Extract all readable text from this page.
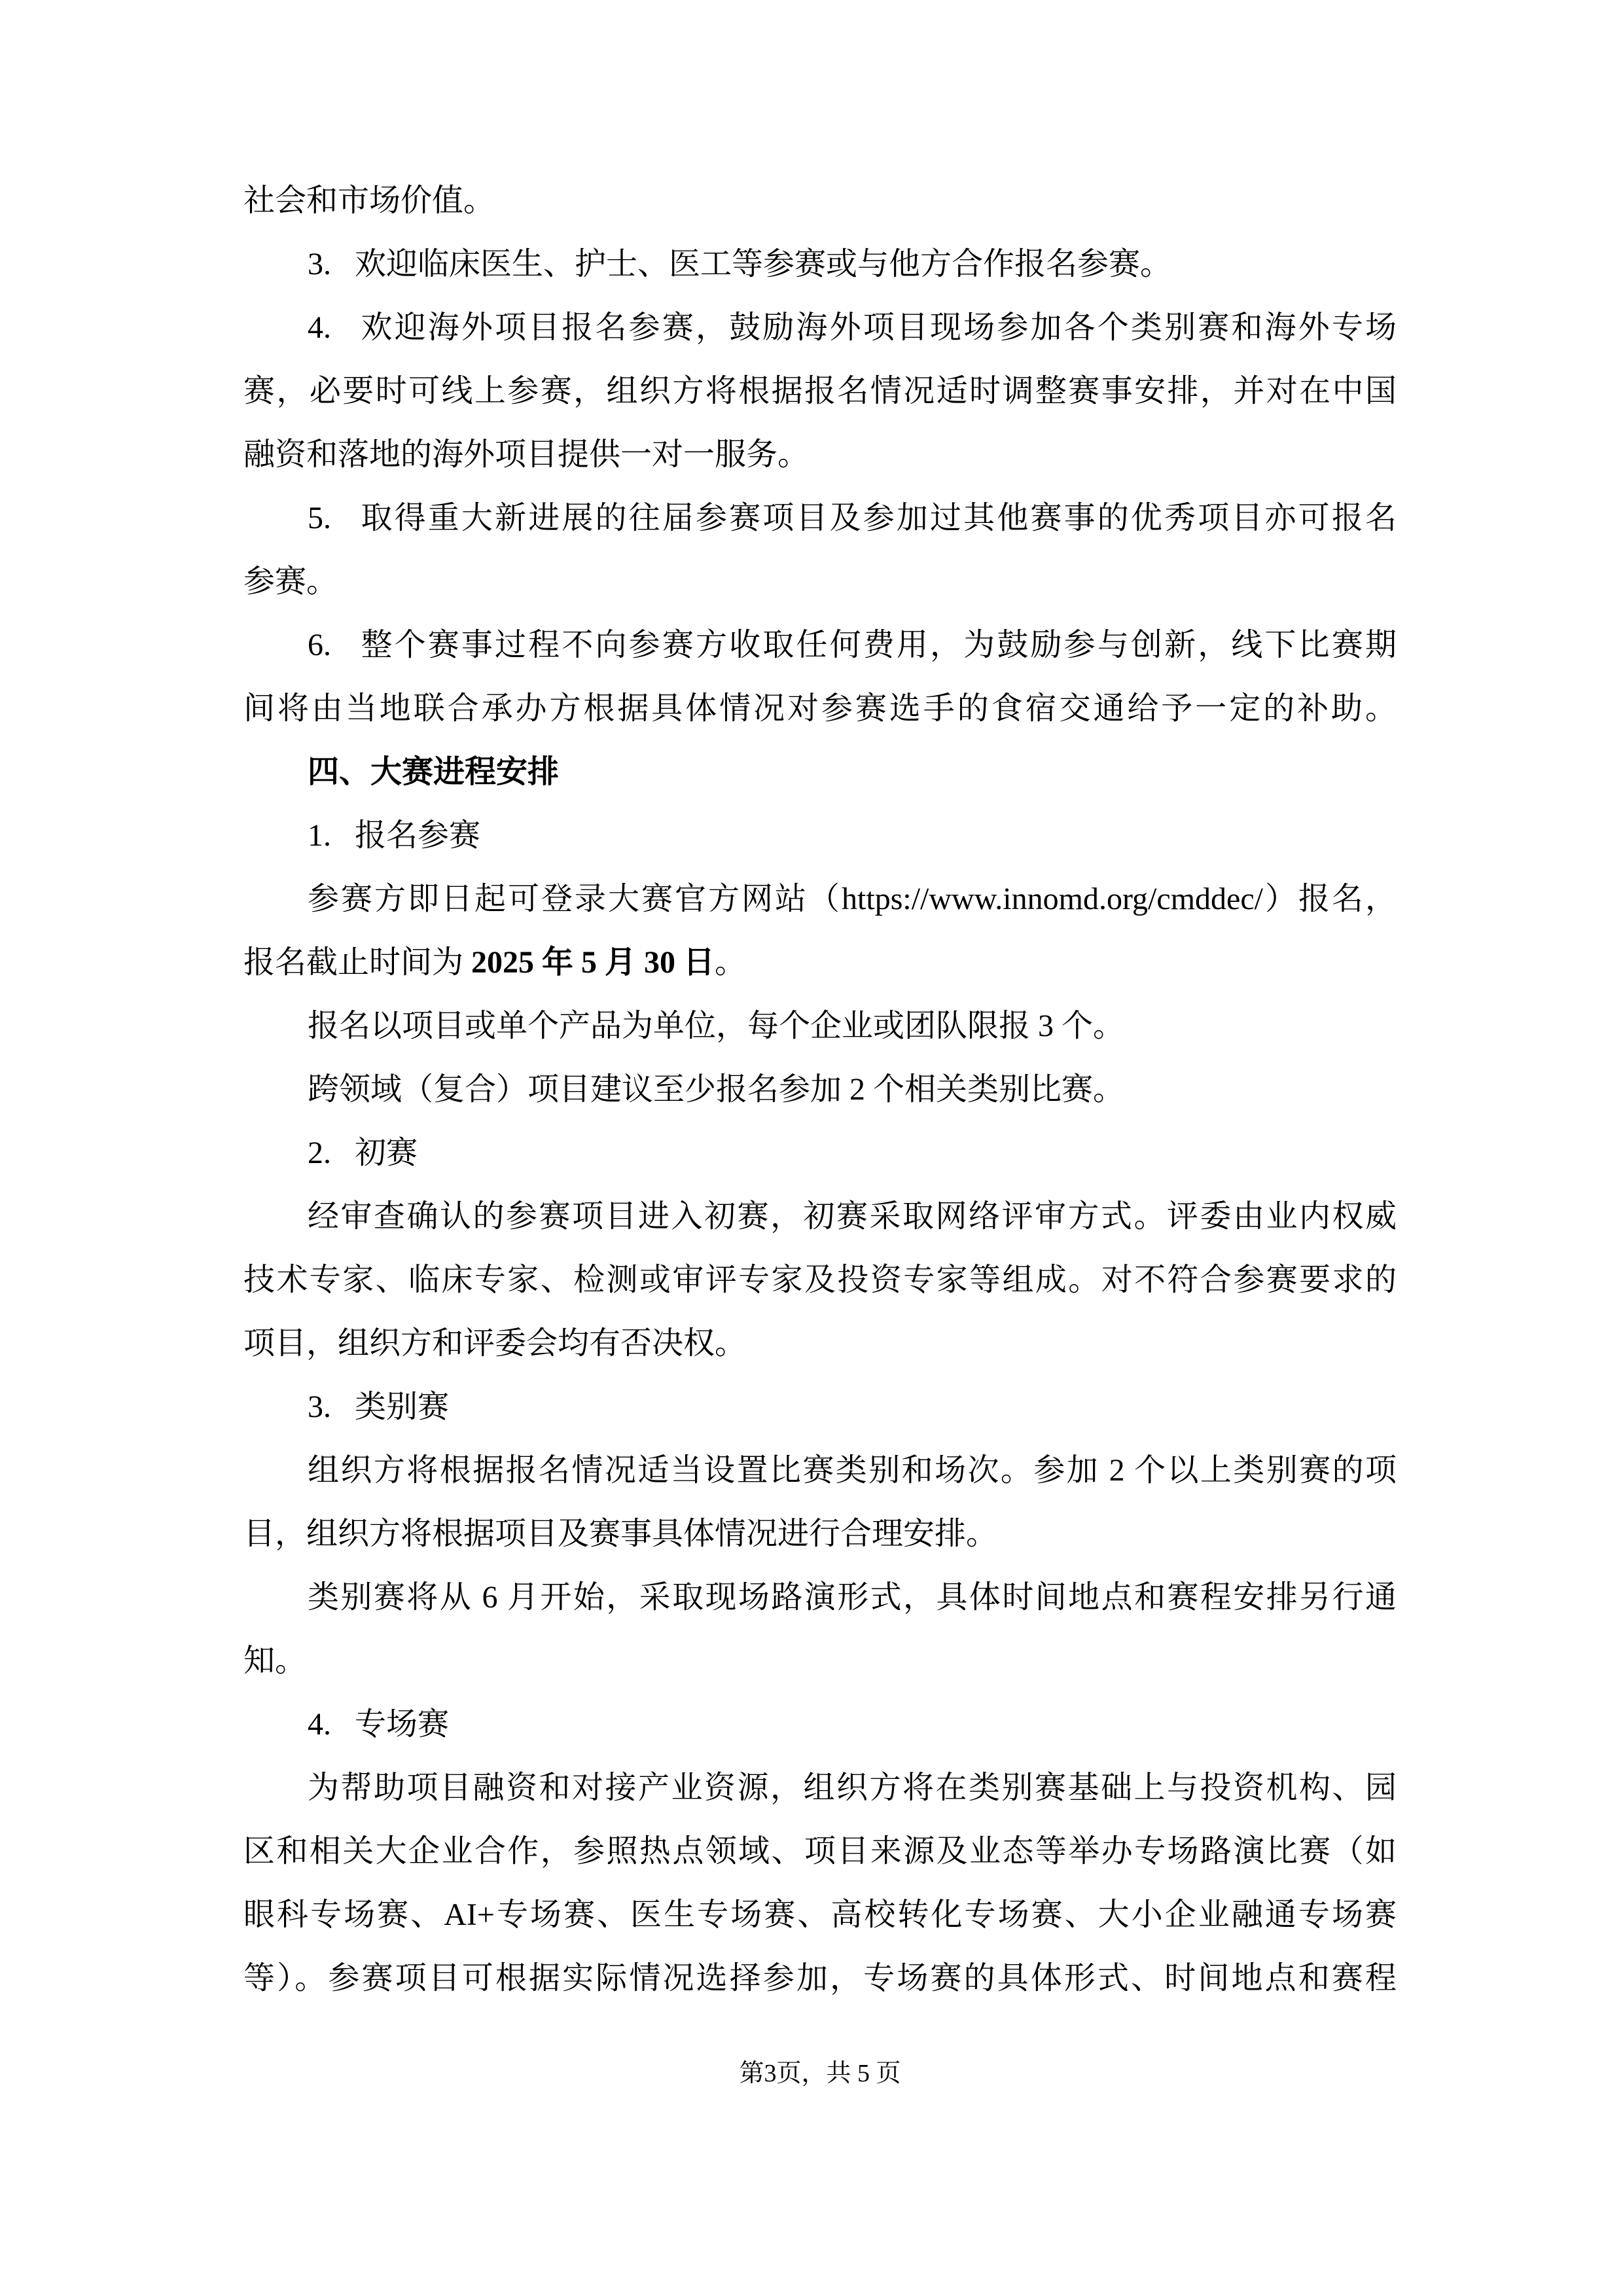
社会和市场价值。
3.   欢迎临床医生、护士、医工等参赛或与他方合作报名参赛。
4.   欢迎海外项目报名参赛，鼓励海外项目现场参加各个类别赛和海外专场
赛，必要时可线上参赛，组织方将根据报名情况适时调整赛事安排，并对在中国
融资和落地的海外项目提供一对一服务。
5.   取得重大新进展的往届参赛项目及参加过其他赛事的优秀项目亦可报名
参赛。
6.   整个赛事过程不向参赛方收取任何费用，为鼓励参与创新，线下比赛期
间将由当地联合承办方根据具体情况对参赛选手的食宿交通给予一定的补助。
四、大赛进程安排
1.   报名参赛
参赛方即日起可登录大赛官方网站（https://www.innomd.org/cmddec/）报名，
报名截止时间为 2025 年 5 月 30 日。
报名以项目或单个产品为单位，每个企业或团队限报 3 个。
跨领域（复合）项目建议至少报名参加 2 个相关类别比赛。
2.   初赛
经审查确认的参赛项目进入初赛，初赛采取网络评审方式。评委由业内权威
技术专家、临床专家、检测或审评专家及投资专家等组成。对不符合参赛要求的
项目，组织方和评委会均有否决权。
3.   类别赛
组织方将根据报名情况适当设置比赛类别和场次。参加 2 个以上类别赛的项
目，组织方将根据项目及赛事具体情况进行合理安排。
类别赛将从 6 月开始，采取现场路演形式，具体时间地点和赛程安排另行通
知。
4.   专场赛
为帮助项目融资和对接产业资源，组织方将在类别赛基础上与投资机构、园
区和相关大企业合作，参照热点领域、项目来源及业态等举办专场路演比赛（如
眼科专场赛、AI+专场赛、医生专场赛、高校转化专场赛、大小企业融通专场赛
等）。参赛项目可根据实际情况选择参加，专场赛的具体形式、时间地点和赛程
第3页，共 5 页
